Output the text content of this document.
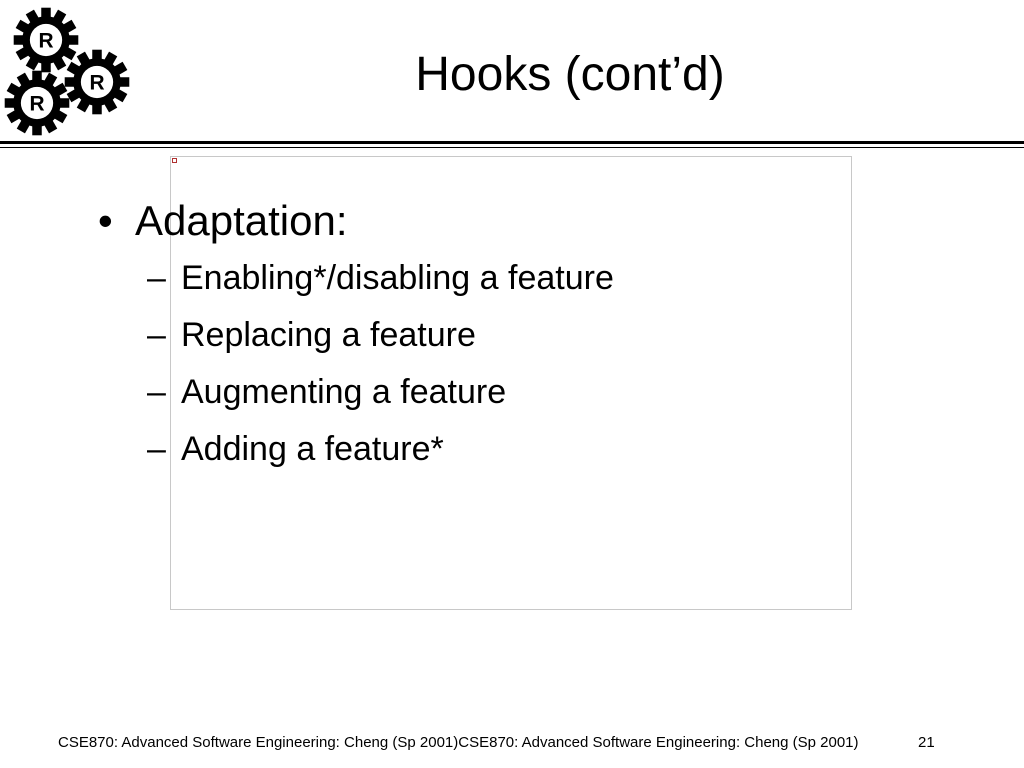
R
R
R
Hooks (cont’d)
• Adaptation:
– Enabling*/disabling a feature
– Replacing a feature
– Augmenting a feature
– Adding a feature*
CSE870: Advanced Software Engineering: Cheng (Sp 2001)CSE870: Advanced Software Engineering: Cheng (Sp 2001)	21
